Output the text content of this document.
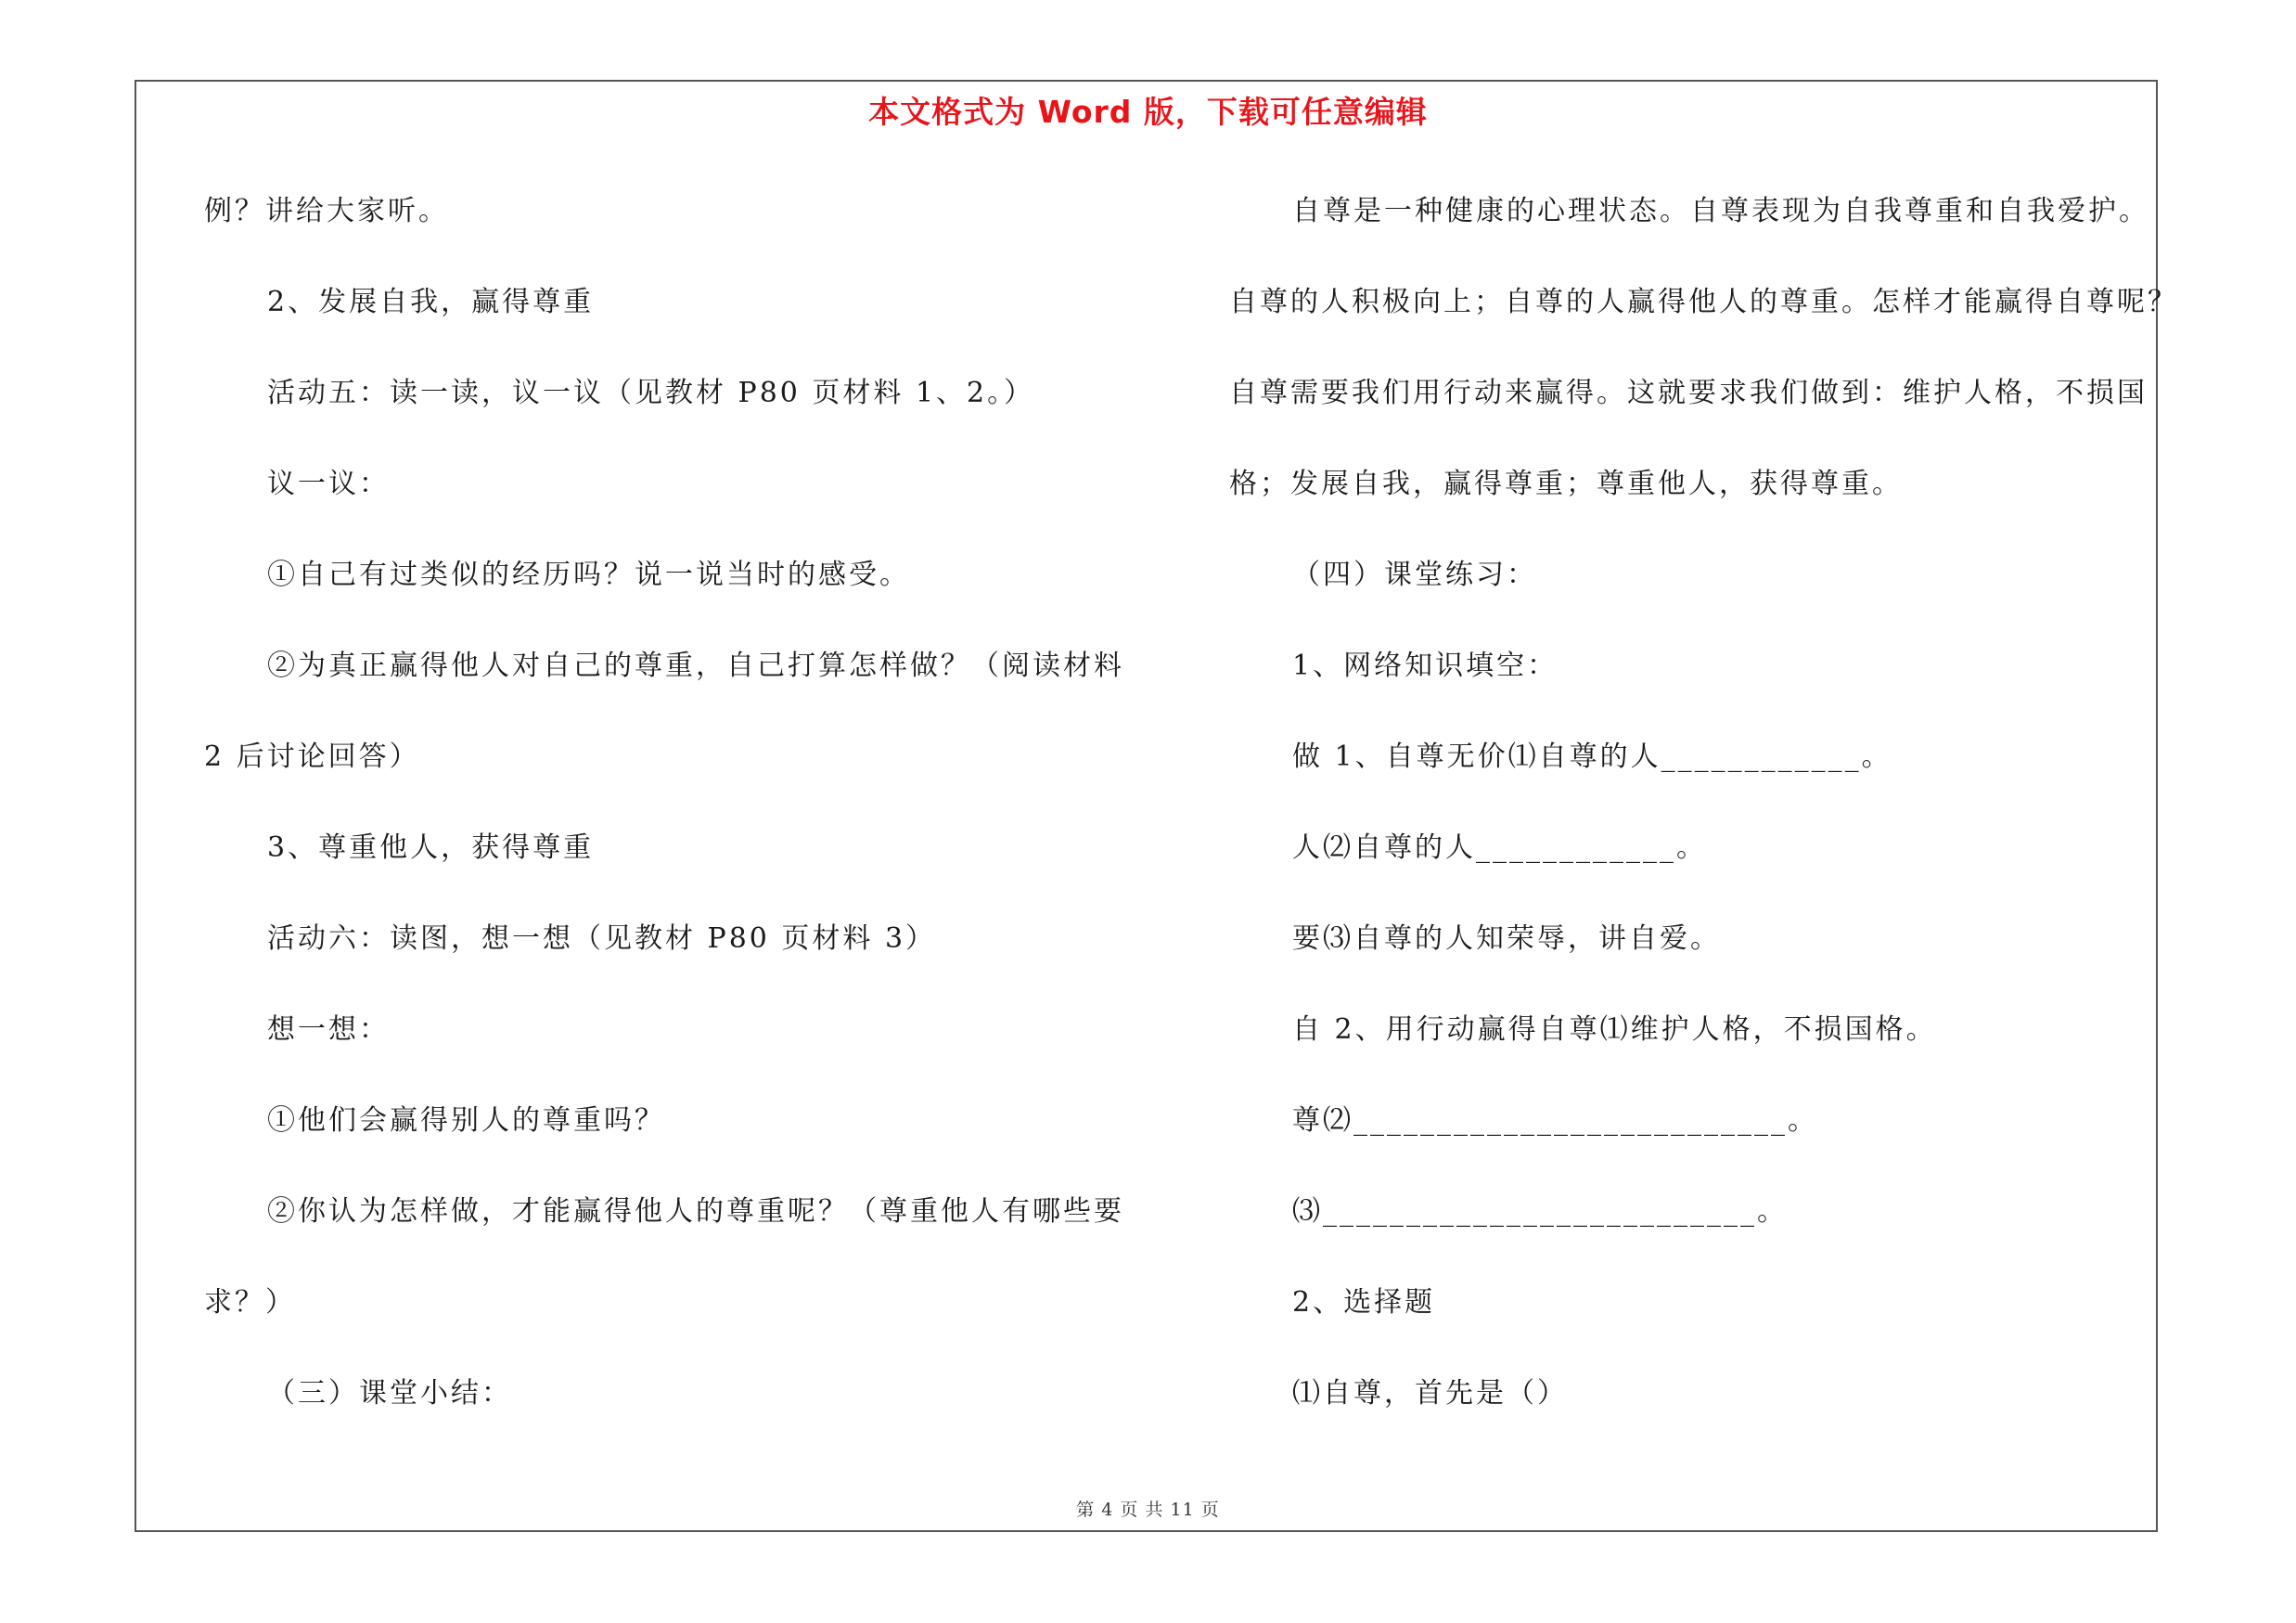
本文格式为 Word 版，下载可任意编辑
例？讲给大家听。
2、发展自我，赢得尊重
活动五：读一读，议一议（见教材 P80 页材料 1、2。）
议一议：
①自己有过类似的经历吗？说一说当时的感受。
②为真正赢得他人对自己的尊重，自己打算怎样做？（阅读材料
2 后讨论回答）
3、尊重他人，获得尊重
活动六：读图，想一想（见教材 P80 页材料 3）
想一想：
①他们会赢得别人的尊重吗？
②你认为怎样做，才能赢得他人的尊重呢？（尊重他人有哪些要
求？）
（三）课堂小结：
自尊是一种健康的心理状态。自尊表现为自我尊重和自我爱护。
自尊的人积极向上；自尊的人赢得他人的尊重。怎样才能赢得自尊呢？
自尊需要我们用行动来赢得。这就要求我们做到：维护人格，不损国
格；发展自我，赢得尊重；尊重他人，获得尊重。
（四）课堂练习：
1、网络知识填空：
做 1、自尊无价⑴自尊的人____________。
人⑵自尊的人____________。
要⑶自尊的人知荣辱，讲自爱。
自 2、用行动赢得自尊⑴维护人格，不损国格。
尊⑵__________________________。
⑶__________________________。
2、选择题
⑴自尊，首先是（）
第 4 页 共 11 页
